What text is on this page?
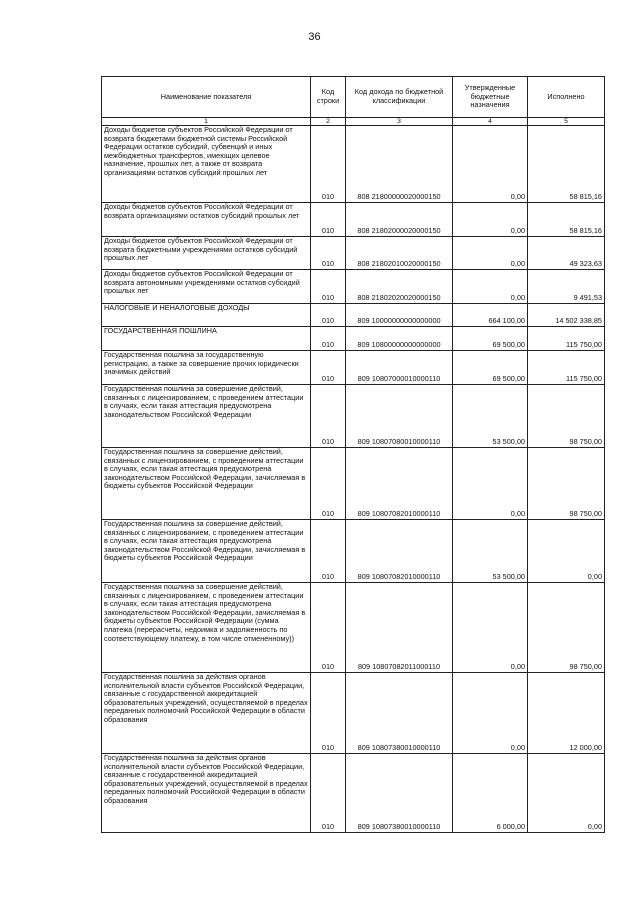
36
Наименование показателя	Код строки	Код дохода по бюджетной классификации	Утвержденные бюджетные назначения	Исполнено
1	2	3	4	5
Доходы бюджетов субъектов Российской Федерации от возврата бюджетами бюджетной системы Российской Федерации остатков субсидий, субвенций и иных межбюджетных трансфертов, имеющих целевое назначение, прошлых лет, а также от возврата организациями остатков субсидий прошлых лет	010	808 21800000020000150	0,00	58 815,16
Доходы бюджетов субъектов Российской Федерации от возврата организациями остатков субсидий прошлых лет	010	808 21802000020000150	0,00	58 815,16
Доходы бюджетов субъектов Российской Федерации от возврата бюджетными учреждениями остатков субсидий прошлых лет	010	808 21802010020000150	0,00	49 323,63
Доходы бюджетов субъектов Российской Федерации от возврата автономными учреждениями остатков субсидий прошлых лет	010	808 21802020020000150	0,00	9 491,53
НАЛОГОВЫЕ И НЕНАЛОГОВЫЕ ДОХОДЫ	010	809 10000000000000000	664 100,00	14 502 338,85
ГОСУДАРСТВЕННАЯ ПОШЛИНА	010	809 10800000000000000	69 500,00	115 750,00
Государственная пошлина за государственную регистрацию, а также за совершение прочих юридически значимых действий	010	809 10807000010000110	69 500,00	115 750,00
Государственная пошлина за совершение действий, связанных с лицензированием, с проведением аттестации в случаях, если такая аттестация предусмотрена законодательством Российской Федерации	010	809 10807080010000110	53 500,00	98 750,00
Государственная пошлина за совершение действий, связанных с лицензированием, с проведением аттестации в случаях, если такая аттестация предусмотрена законодательством Российской Федерации, зачисляемая в бюджеты субъектов Российской Федерации	010	809 10807082010000110	0,00	98 750,00
Государственная пошлина за совершение действий, связанных с лицензированием, с проведением аттестации в случаях, если такая аттестация предусмотрена законодательством Российской Федерации, зачисляемая в бюджеты субъектов Российской Федерации	010	809 10807082010000110	53 500,00	0,00
Государственная пошлина за совершение действий, связанных с лицензированием, с проведением аттестации в случаях, если такая аттестация предусмотрена законодательством Российской Федерации, зачисляемая в бюджеты субъектов Российской Федерации (сумма платежа (перерасчеты, недоимка и задолженность по соответствующему платежу, в том числе отмененному))	010	809 10807082011000110	0,00	98 750,00
Государственная пошлина за действия органов исполнительной власти субъектов Российской Федерации, связанные с государственной аккредитацией образовательных учреждений, осуществляемой в пределах переданных полномочий Российской Федерации в области образования	010	809 10807380010000110	0,00	12 000,00
Государственная пошлина за действия органов исполнительной власти субъектов Российской Федерации, связанные с государственной аккредитацией образовательных учреждений, осуществляемой в пределах переданных полномочий Российской Федерации в области образования	010	809 10807380010000110	6 000,00	0,00
